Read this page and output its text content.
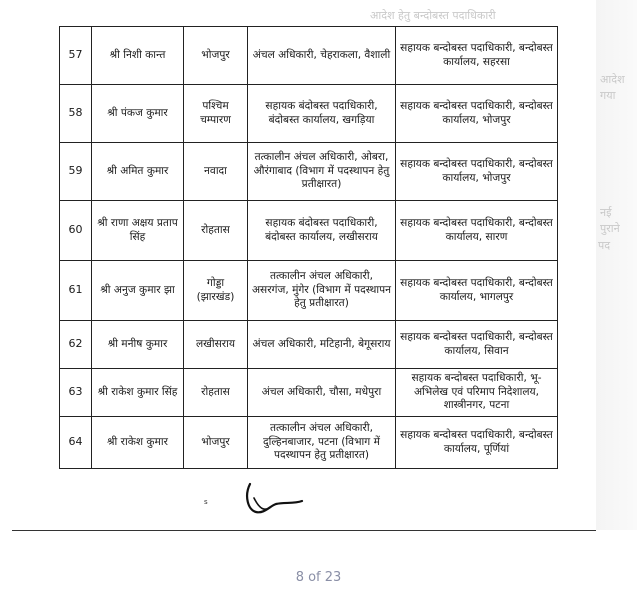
आदेश हेतु बन्दोबस्त पदाधिकारी
आदेश
गया
नई
पुराने
पद
57	श्री निशी कान्त	भोजपुर	अंचल अधिकारी, चेहराकला, वैशाली	सहायक बन्दोबस्त पदाधिकारी, बन्दोबस्त कार्यालय, सहरसा
58	श्री पंकज कुमार	पश्चिम चम्पारण	सहायक बंदोबस्त पदाधिकारी, बंदोबस्त कार्यालय, खगड़िया	सहायक बन्दोबस्त पदाधिकारी, बन्दोबस्त कार्यालय, भोजपुर
59	श्री अमित कुमार	नवादा	तत्कालीन अंचल अधिकारी, ओबरा, औरंगाबाद (विभाग में पदस्थापन हेतु प्रतीक्षारत)	सहायक बन्दोबस्त पदाधिकारी, बन्दोबस्त कार्यालय, भोजपुर
60	श्री राणा अक्षय प्रताप सिंह	रोहतास	सहायक बंदोबस्त पदाधिकारी, बंदोबस्त कार्यालय, लखीसराय	सहायक बन्दोबस्त पदाधिकारी, बन्दोबस्त कार्यालय, सारण
61	श्री अनुज कुमार झा	गोड्डा (झारखंड)	तत्कालीन अंचल अधिकारी, असरगंज, मुंगेर (विभाग में पदस्थापन हेतु प्रतीक्षारत)	सहायक बन्दोबस्त पदाधिकारी, बन्दोबस्त कार्यालय, भागलपुर
62	श्री मनीष कुमार	लखीसराय	अंचल अधिकारी, मटिहानी, बेगूसराय	सहायक बन्दोबस्त पदाधिकारी, बन्दोबस्त कार्यालय, सिवान
63	श्री राकेश कुमार सिंह	रोहतास	अंचल अधिकारी, चौसा, मधेपुरा	सहायक बन्दोबस्त पदाधिकारी, भू-अभिलेख एवं परिमाप निदेशालय, शास्त्रीनगर, पटना
64	श्री राकेश कुमार	भोजपुर	तत्कालीन अंचल अधिकारी, दुल्हिनबाजार, पटना (विभाग में पदस्थापन हेतु प्रतीक्षारत)	सहायक बन्दोबस्त पदाधिकारी, बन्दोबस्त कार्यालय, पूर्णियां
s
8 of 23
